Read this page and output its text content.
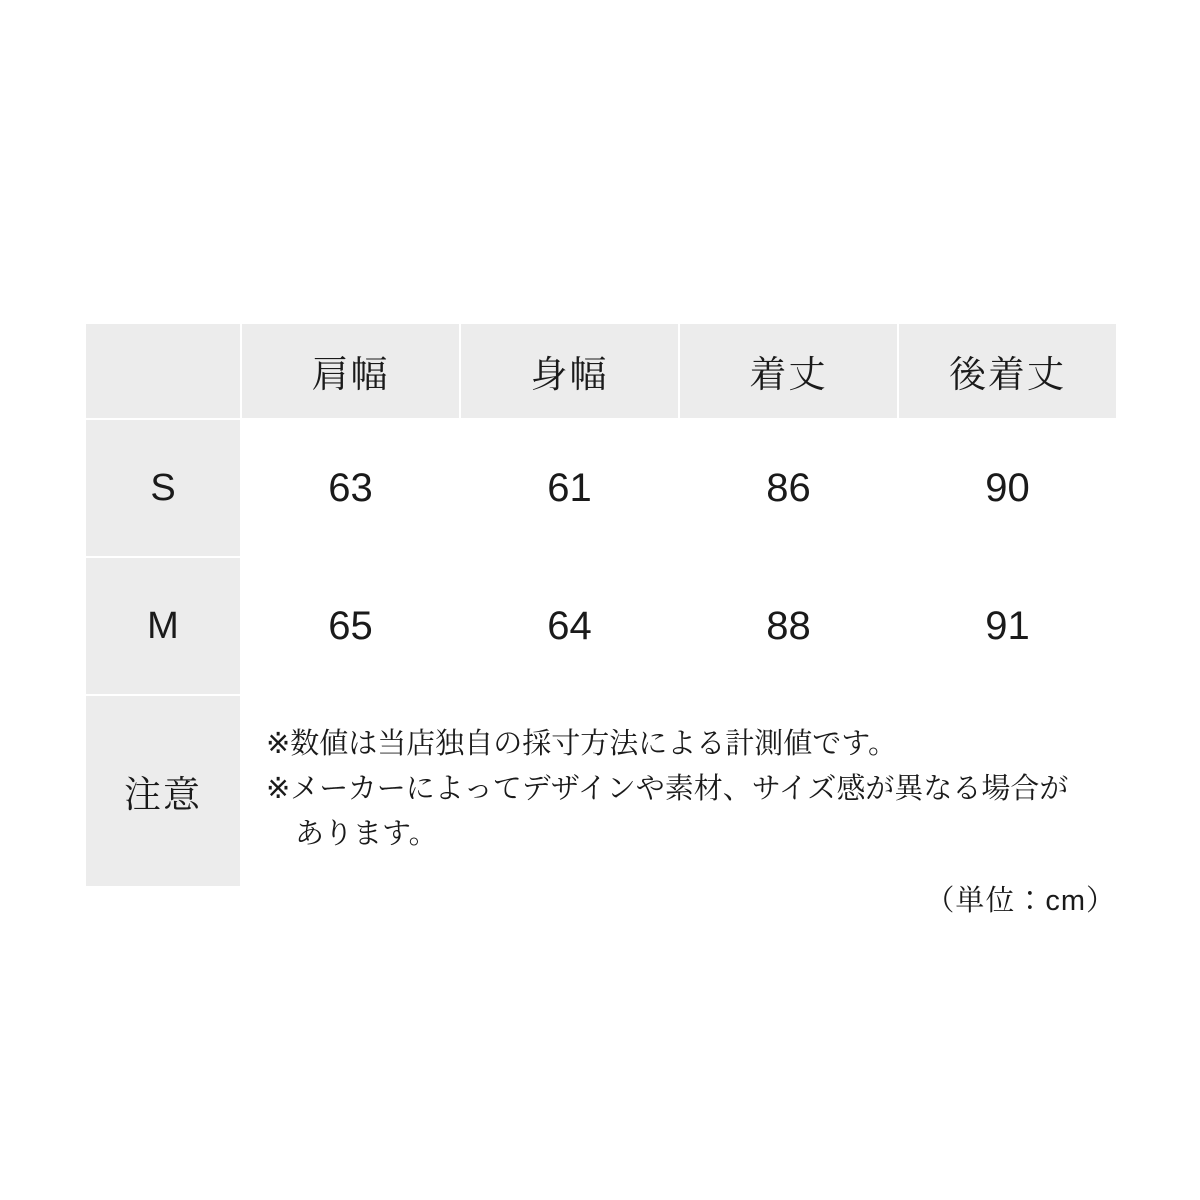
	肩幅	身幅	着丈	後着丈
S	63	61	86	90
M	65	64	88	91
注意	※数値は当店独自の採寸方法による計測値です。
※メーカーによってデザインや素材、サイズ感が異なる場合が
　あります。			
（単位：cm）
